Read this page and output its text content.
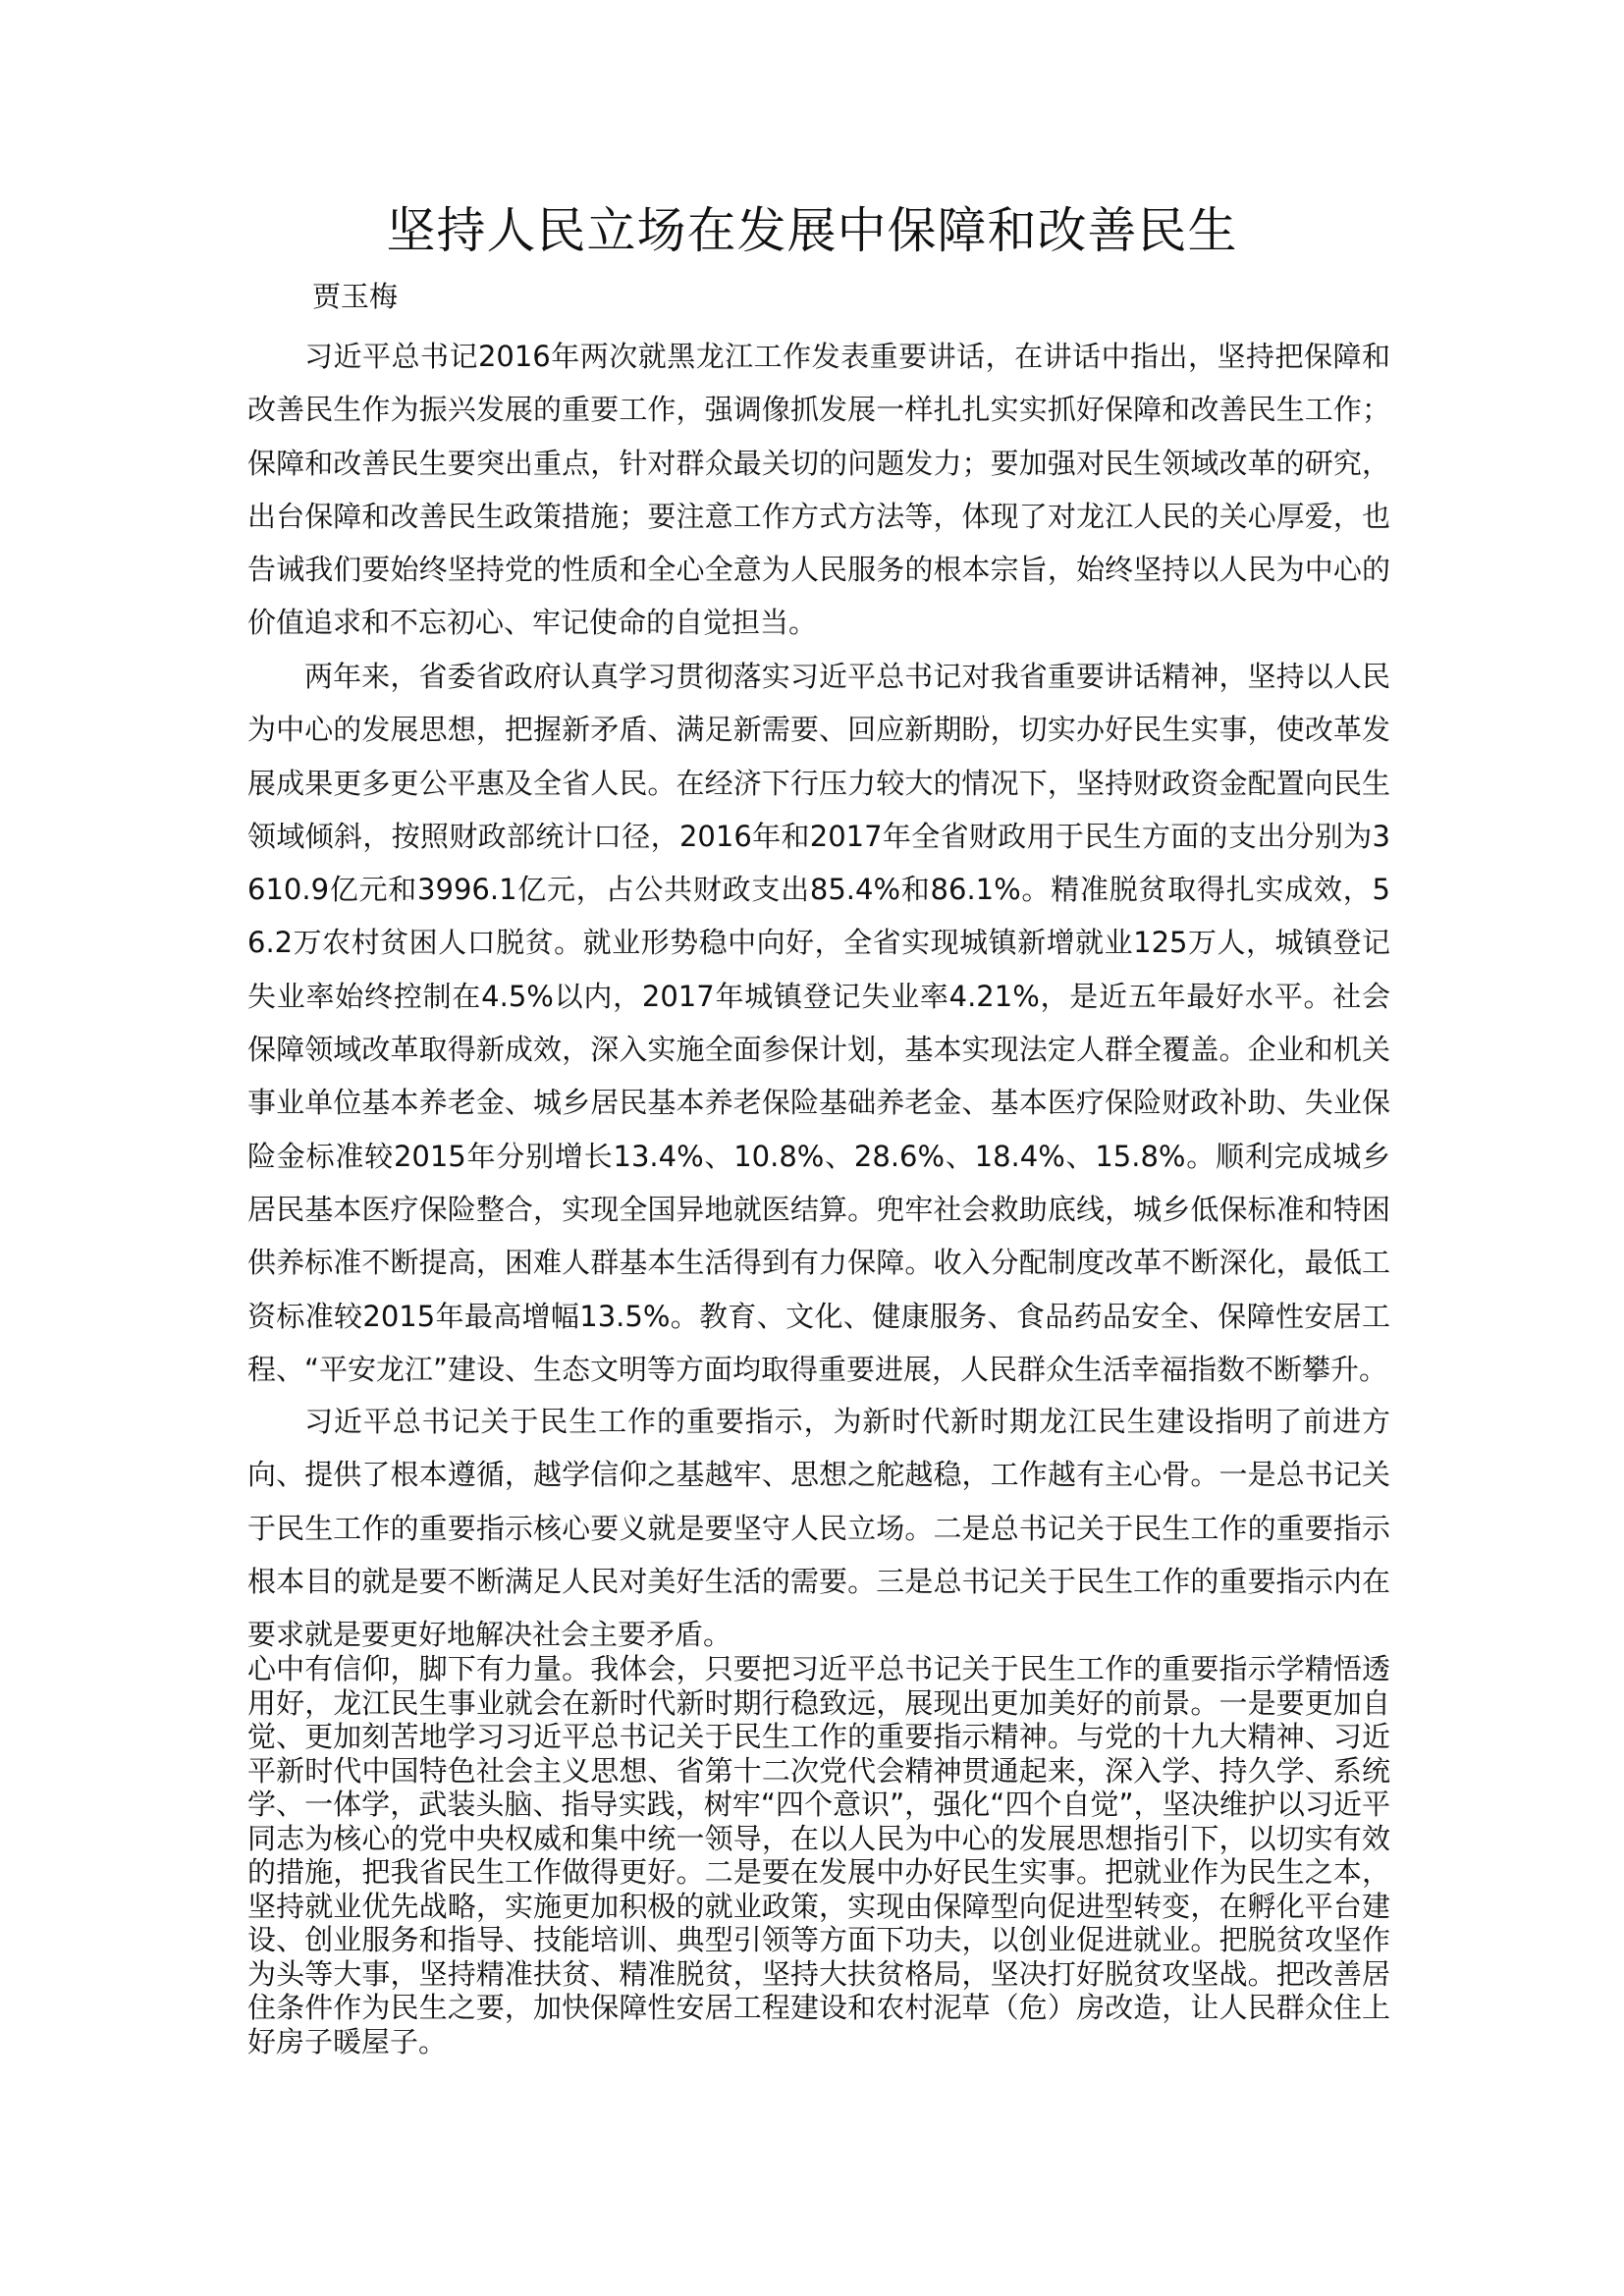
坚持人民立场在发展中保障和改善民生
贾玉梅

习近平总书记2016年两次就黑龙江工作发表重要讲话，在讲话中指出，坚持把保障和改善民生作为振兴发展的重要工作，强调像抓发展一样扎扎实实抓好保障和改善民生工作；保障和改善民生要突出重点，针对群众最关切的问题发力；要加强对民生领域改革的研究，出台保障和改善民生政策措施；要注意工作方式方法等，体现了对龙江人民的关心厚爱，也告诫我们要始终坚持党的性质和全心全意为人民服务的根本宗旨，始终坚持以人民为中心的价值追求和不忘初心、牢记使命的自觉担当。

两年来，省委省政府认真学习贯彻落实习近平总书记对我省重要讲话精神，坚持以人民为中心的发展思想，把握新矛盾、满足新需要、回应新期盼，切实办好民生实事，使改革发展成果更多更公平惠及全省人民。在经济下行压力较大的情况下，坚持财政资金配置向民生领域倾斜，按照财政部统计口径，2016年和2017年全省财政用于民生方面的支出分别为3610.9亿元和3996.1亿元，占公共财政支出85.4%和86.1%。精准脱贫取得扎实成效，56.2万农村贫困人口脱贫。就业形势稳中向好，全省实现城镇新增就业125万人，城镇登记失业率始终控制在4.5%以内，2017年城镇登记失业率4.21%，是近五年最好水平。社会保障领域改革取得新成效，深入实施全面参保计划，基本实现法定人群全覆盖。企业和机关事业单位基本养老金、城乡居民基本养老保险基础养老金、基本医疗保险财政补助、失业保险金标准较2015年分别增长13.4%、10.8%、28.6%、18.4%、15.8%。顺利完成城乡居民基本医疗保险整合，实现全国异地就医结算。兜牢社会救助底线，城乡低保标准和特困供养标准不断提高，困难人群基本生活得到有力保障。收入分配制度改革不断深化，最低工资标准较2015年最高增幅13.5%。教育、文化、健康服务、食品药品安全、保障性安居工程、“平安龙江”建设、生态文明等方面均取得重要进展，人民群众生活幸福指数不断攀升。

习近平总书记关于民生工作的重要指示，为新时代新时期龙江民生建设指明了前进方向、提供了根本遵循，越学信仰之基越牢、思想之舵越稳，工作越有主心骨。一是总书记关于民生工作的重要指示核心要义就是要坚守人民立场。二是总书记关于民生工作的重要指示根本目的就是要不断满足人民对美好生活的需要。三是总书记关于民生工作的重要指示内在要求就是要更好地解决社会主要矛盾。

心中有信仰，脚下有力量。我体会，只要把习近平总书记关于民生工作的重要指示学精悟透用好，龙江民生事业就会在新时代新时期行稳致远，展现出更加美好的前景。一是要更加自觉、更加刻苦地学习习近平总书记关于民生工作的重要指示精神。与党的十九大精神、习近平新时代中国特色社会主义思想、省第十二次党代会精神贯通起来，深入学、持久学、系统学、一体学，武装头脑、指导实践，树牢“四个意识”，强化“四个自觉”，坚决维护以习近平同志为核心的党中央权威和集中统一领导，在以人民为中心的发展思想指引下，以切实有效的措施，把我省民生工作做得更好。二是要在发展中办好民生实事。把就业作为民生之本，坚持就业优先战略，实施更加积极的就业政策，实现由保障型向促进型转变，在孵化平台建设、创业服务和指导、技能培训、典型引领等方面下功夫，以创业促进就业。把脱贫攻坚作为头等大事，坚持精准扶贫、精准脱贫，坚持大扶贫格局，坚决打好脱贫攻坚战。把改善居住条件作为民生之要，加快保障性安居工程建设和农村泥草（危）房改造，让人民群众住上好房子暖屋子。
